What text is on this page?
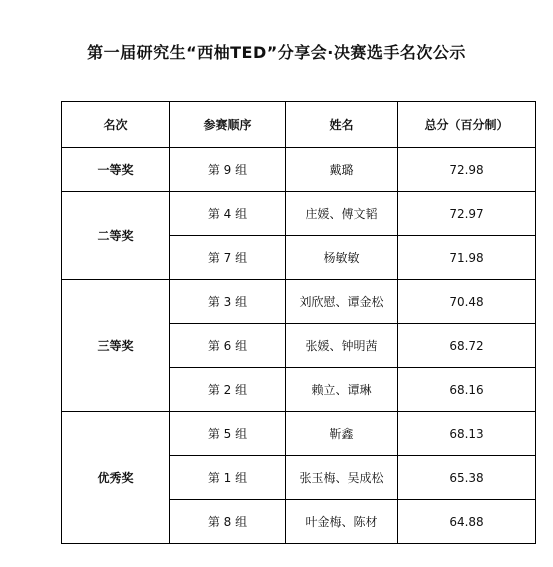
第一届研究生“西柚TED”分享会·决赛选手名次公示
名次	参赛顺序	姓名	总分（百分制）
一等奖	第 9 组	戴璐	72.98
二等奖	第 4 组	庄媛、傅文韬	72.97
	第 7 组	杨敏敏	71.98
三等奖	第 3 组	刘欣慰、谭金松	70.48
	第 6 组	张媛、钟明茜	68.72
	第 2 组	赖立、谭琳	68.16
优秀奖	第 5 组	靳鑫	68.13
	第 1 组	张玉梅、吴成松	65.38
	第 8 组	叶金梅、陈材	64.88
